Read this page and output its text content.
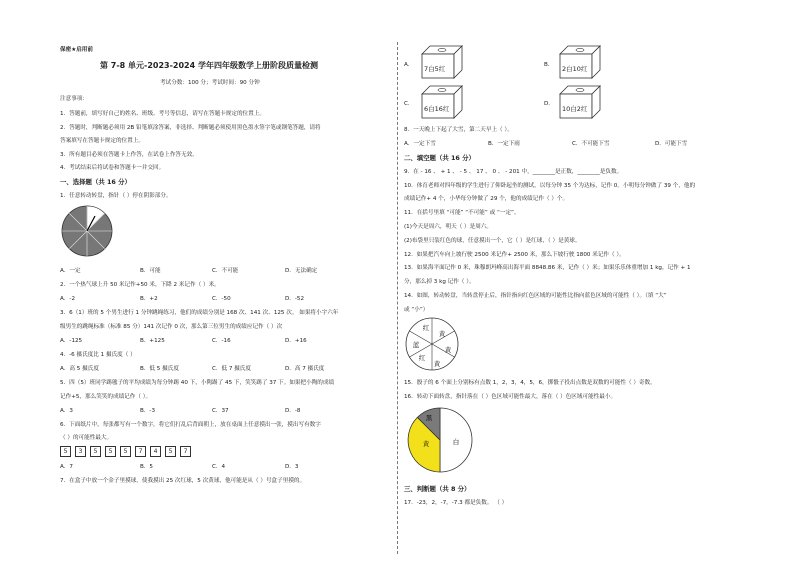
保密★启用前
第 7-8 单元-2023-2024 学年四年级数学上册阶段质量检测
考试分数：100 分；考试时间：90 分钟
注意事项：
1．答题前，填写好自己的姓名、班级、考号等信息，请写在答题卡规定的位置上。
2．答题时，判断题必须用 2B 铅笔填涂答案，非选择、判断题必须使用黑色墨水签字笔或钢笔答题，请将
答案填写在答题卡规定的位置上。
3．所有题目必须在答题卡上作答，在试卷上作答无效。
4．考试结束后将试卷和答题卡一并交回。
一、选择题（共 16 分）
1．任意转动转盘，指针（ ）停在阴影部分。
A．一定	B．可能	C．不可能	D．无法确定
2．一个热气球上升 50 米记作+50 米，下降 2 米记作（ ）米。
A．-2	B．+2	C．-50	D．-52
3．6（1）班的 5 个男生进行 1 分钟跳绳练习，他们的成绩分别是 168 次、141 次、125 次。 如果将小宇六年
级男生的跳绳标准（标准 85 分）141 次记作 0 次，那么第三位男生的成绩应记作（ ）次
A．-125	B．+125	C．-16	D．+16
4．-6 摄氏度比 1 摄氏度（ ）
A．高 5 摄氏度	B．低 5 摄氏度	C．低 7 摄氏度	D．高 7 摄氏度
5．四（5）班同学踢毽子的平均成绩为每分钟踢 40 下，小陶踢了 45 下，笑笑踢了 37 下。如果把小陶的成绩
记作+5，那么笑笑的成绩记作（ ）。
A．3	B．-3	C．37	D．-8
6．下面纸片中，每张都写有一个数字，将它们打乱后背面朝上，放在桌面上任意摸出一张，摸出写有数字
（ ）的可能性最大。
5	3	5	5	5	7	4	5	7
A．7	B．5	C．4	D．3
7．在盒子中放一个金子里摸球，使我摸出 25 次红球，5 次黄球，他可能是从（ ）号盒子里摸的。
A. 7白5红	B. 2白10红
C.
6白16红
D.
10白2红
8．一天晚上下起了大雪，第二天早上（ ）。
A．一定下雪	B．一定下雨	C．不可能下雪	D．可能下雪
二、填空题（共 16 分）
9．在 - 16 、 + 1 、 - 5 、 17 、 0 、 - 201 中，________是正数，________是负数。
10．体育老师对四年级的学生进行了仰卧起坐的测试，以每分钟 35 个为达标，记作 0。小明每分钟做了 39 个，他的
成绩记作+ 4 个，小华每分钟做了 29 个，他的成绩记作（ ）个。
11．在括号里填 “可能” “不可能” 或 “一定”。
(1)今天是周六，明天（ ）是周六。
(2)布袋里只装红色的球，任意摸出一个，它（ ）是红球，（ ）是黄球。
12．如果把汽车向上坡行驶 2500 米记作+ 2500 米，那么下坡行驶 1800 米记作（ ）。
13．如果海平面记作 0 米，珠穆朗玛峰高出海平面 8848.86 米，记作（ ）米；如果乐乐体重增加 1 kg，记作 + 1
分，那么掉 3 kg 记作（ ）。
14．如图，转动转盘，当转盘停止后，指针指向红色区域的可能性比指向蓝色区域的可能性（ ）。（填 “大”
或 “小”）
红
黄
蓝
黄
黄
红
15．骰子的 6 个面上分别标有点数 1，2，3，4，5，6，掷骰子投出点数是双数的可能性（ ）奇数。
16．转动下面转盘，指针落在（ ）色区域可能性最大，落在（ ）色区域可能性最小。
黑
黄	白
三、判断题（共 8 分）
17．-23，2，-7，-7.3 都是负数。 （ ）
